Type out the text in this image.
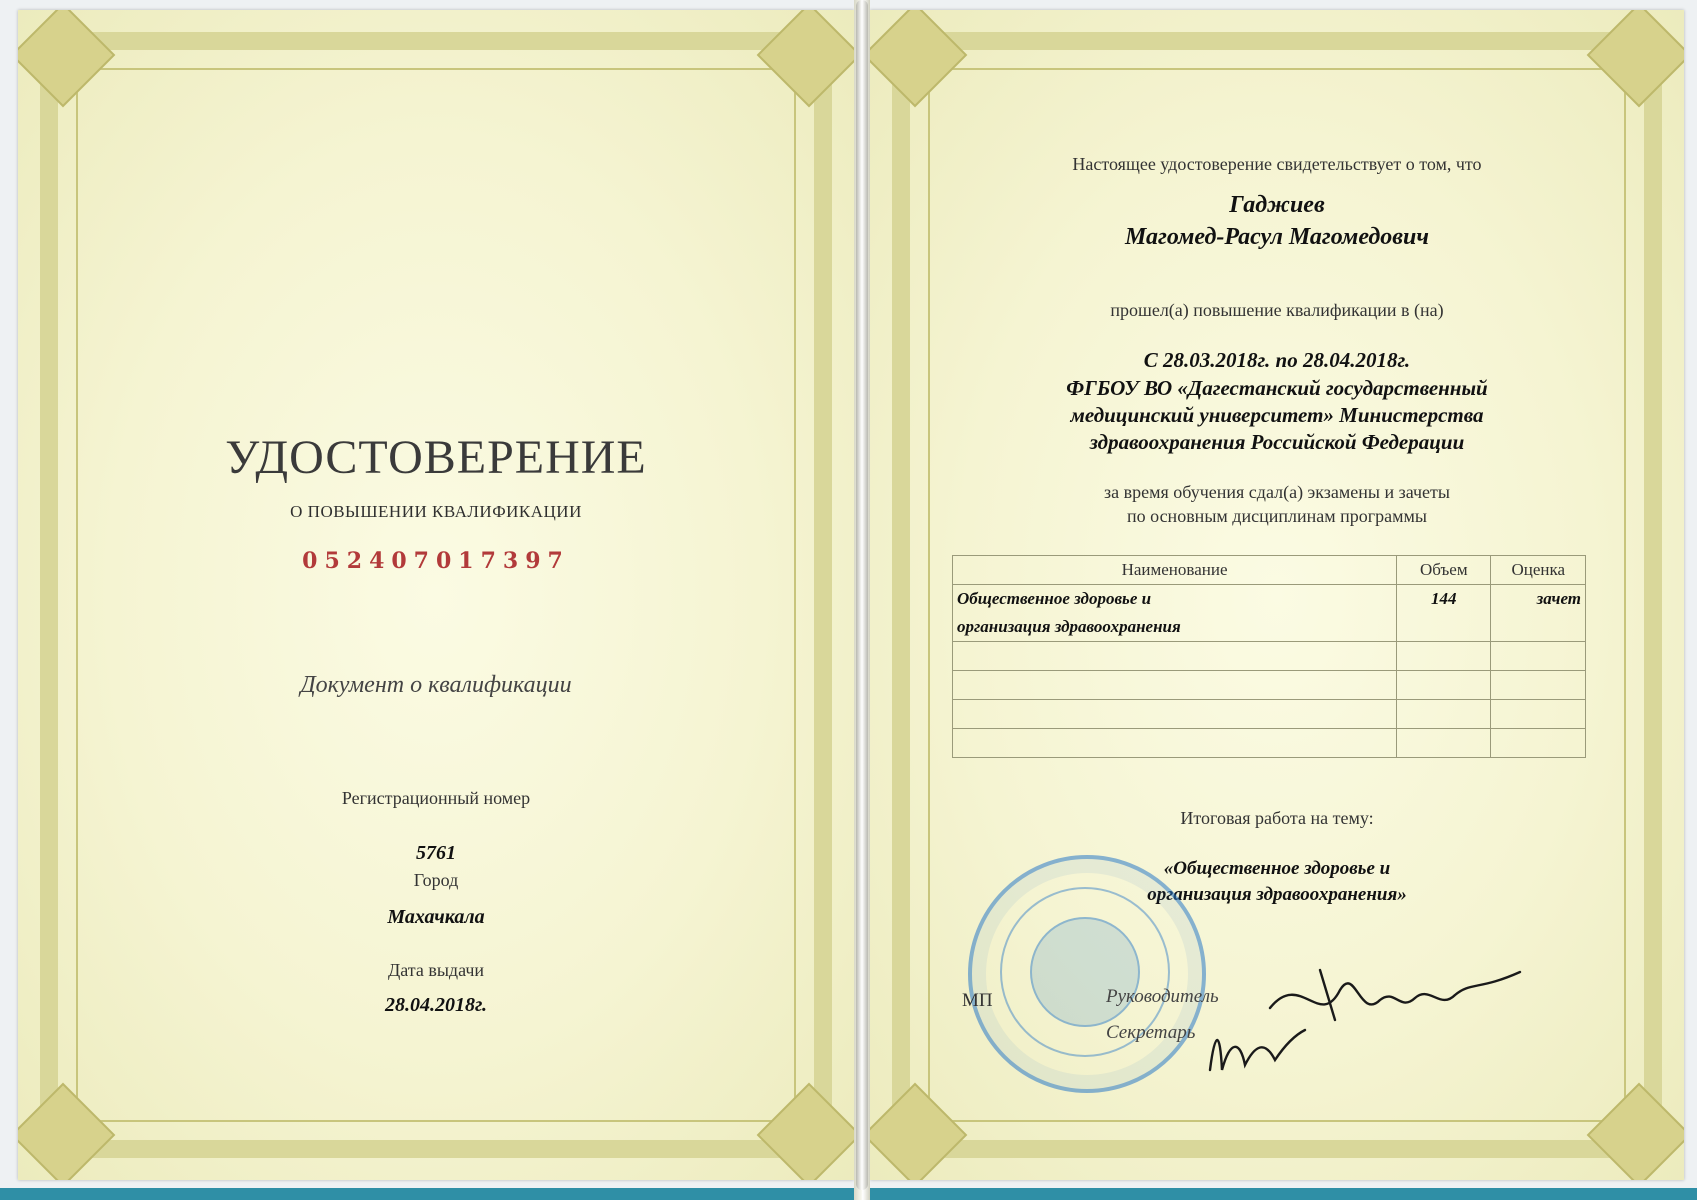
УДОСТОВЕРЕНИЕ
О ПОВЫШЕНИИ КВАЛИФИКАЦИИ
052407017397
Документ о квалификации
Регистрационный номер
5761
Город
Махачкала
Дата выдачи
28.04.2018г.
Настоящее удостоверение свидетельствует о том, что
Гаджиев
Магомед-Расул Магомедович
прошел(а) повышение квалификации в (на)
С 28.03.2018г. по 28.04.2018г.
ФГБОУ ВО «Дагестанский государственный
медицинский университет» Министерства
здравоохранения Российской Федерации
за время обучения сдал(а) экзамены и зачеты
по основным дисциплинам программы
Наименование	Объем	Оценка
Общественное здоровье и	144	зачет
организация здравоохранения		

Итоговая работа на тему:
«Общественное здоровье и
организация здравоохранения»
МП	Руководитель
Секретарь
